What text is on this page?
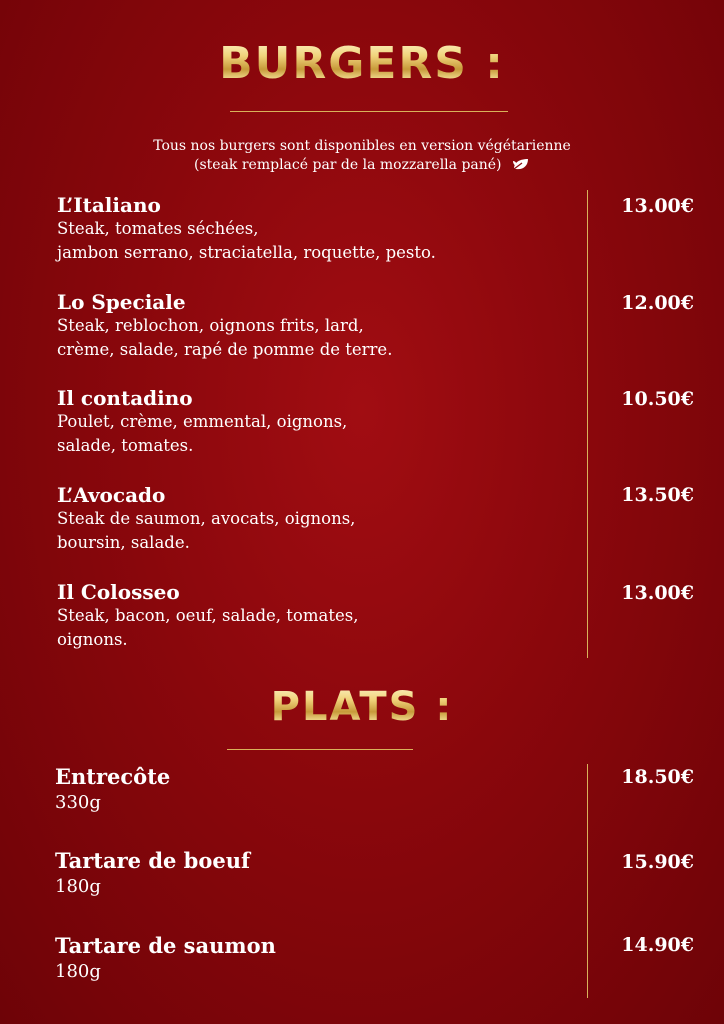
BURGERS :
Tous nos burgers sont disponibles en version végétarienne
(steak remplacé par de la mozzarella pané)
L’Italiano
Steak, tomates séchées,
jambon serrano, straciatella, roquette, pesto.
13.00€
Lo Speciale
Steak, reblochon, oignons frits, lard,
crème, salade, rapé de pomme de terre.
12.00€
Il contadino
Poulet, crème, emmental, oignons,
salade, tomates.
10.50€
L’Avocado
Steak de saumon, avocats, oignons,
boursin, salade.
13.50€
Il Colosseo
Steak, bacon, oeuf, salade, tomates,
oignons.
13.00€
PLATS :
Entrecôte
330g
18.50€
Tartare de boeuf
180g
15.90€
Tartare de saumon
180g
14.90€
